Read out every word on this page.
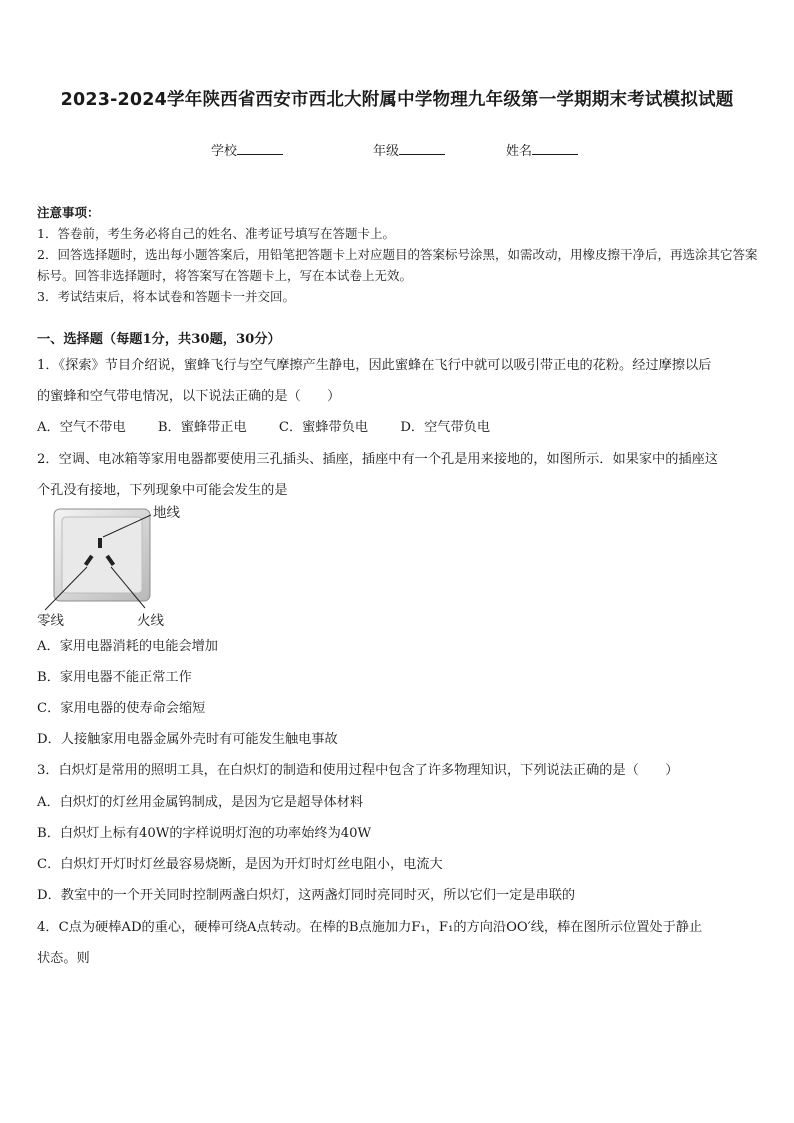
2023-2024学年陕西省西安市西北大附属中学物理九年级第一学期期末考试模拟试题
学校	年级	姓名
注意事项：
1．答卷前，考生务必将自己的姓名、准考证号填写在答题卡上。
2．回答选择题时，选出每小题答案后，用铅笔把答题卡上对应题目的答案标号涂黑，如需改动，用橡皮擦干净后，再选涂其它答案标号。回答非选择题时，将答案写在答题卡上，写在本试卷上无效。
3．考试结束后，将本试卷和答题卡一并交回。
一、选择题（每题1分，共30题，30分）
1．《探索》节目介绍说，蜜蜂飞行与空气摩擦产生静电，因此蜜蜂在飞行中就可以吸引带正电的花粉。经过摩擦以后
的蜜蜂和空气带电情况，以下说法正确的是（　　）
A．空气不带电 B．蜜蜂带正电 C．蜜蜂带负电 D．空气带负电
2．空调、电冰箱等家用电器都要使用三孔插头、插座，插座中有一个孔是用来接地的，如图所示．如果家中的插座这
个孔没有接地，下列现象中可能会发生的是
地线
零线	火线
A．家用电器消耗的电能会增加
B．家用电器不能正常工作
C．家用电器的使寿命会缩短
D．人接触家用电器金属外壳时有可能发生触电事故
3．白炽灯是常用的照明工具，在白炽灯的制造和使用过程中包含了许多物理知识，下列说法正确的是（　　）
A．白炽灯的灯丝用金属钨制成，是因为它是超导体材料
B．白炽灯上标有40W的字样说明灯泡的功率始终为40W
C．白炽灯开灯时灯丝最容易烧断，是因为开灯时灯丝电阻小，电流大
D．教室中的一个开关同时控制两盏白炽灯，这两盏灯同时亮同时灭，所以它们一定是串联的
4．C点为硬棒AD的重心，硬棒可绕A点转动。在棒的B点施加力F₁，F₁的方向沿OO′线，棒在图所示位置处于静止
状态。则
